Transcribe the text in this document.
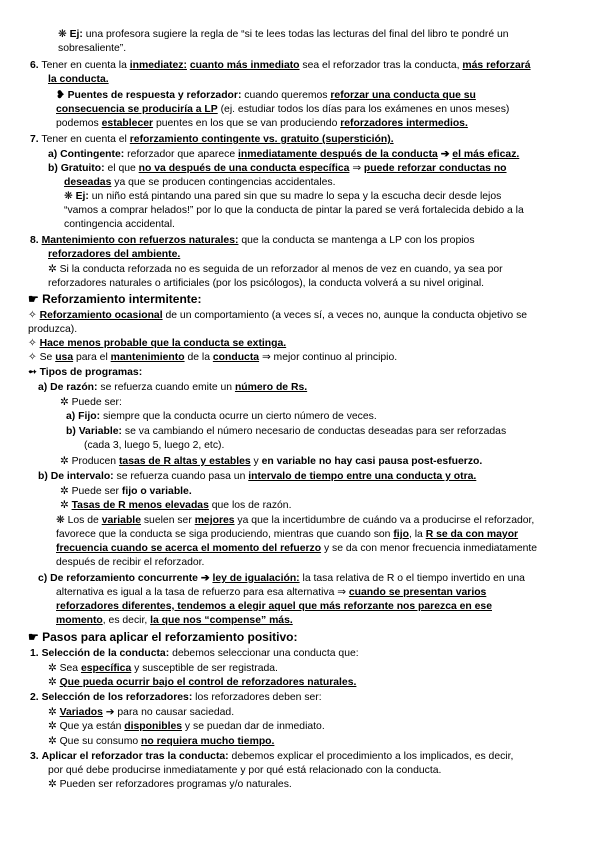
❋ Ej: una profesora sugiere la regla de “si te lees todas las lecturas del final del libro te pondré un
sobresaliente”.
6. Tener en cuenta la inmediatez: cuanto más inmediato sea el reforzador tras la conducta, más reforzará
la conducta.
❥ Puentes de respuesta y reforzador: cuando queremos reforzar una conducta que su
consecuencia se produciría a LP (ej. estudiar todos los días para los exámenes en unos meses)
podemos establecer puentes en los que se van produciendo reforzadores intermedios.
7. Tener en cuenta el reforzamiento contingente vs. gratuito (superstición).
a) Contingente: reforzador que aparece inmediatamente después de la conducta ➔ el más eficaz.
b) Gratuito: el que no va después de una conducta específica ⇒ puede reforzar conductas no
deseadas ya que se producen contingencias accidentales.
❋ Ej: un niño está pintando una pared sin que su madre lo sepa y la escucha decir desde lejos
“vamos a comprar helados!” por lo que la conducta de pintar la pared se verá fortalecida debido a la
contingencia accidental.
8. Mantenimiento con refuerzos naturales: que la conducta se mantenga a LP con los propios
reforzadores del ambiente.
✲ Si la conducta reforzada no es seguida de un reforzador al menos de vez en cuando, ya sea por
reforzadores naturales o artificiales (por los psicólogos), la conducta volverá a su nivel original.
☛ Reforzamiento intermitente:
✧ Reforzamiento ocasional de un comportamiento (a veces sí, a veces no, aunque la conducta objetivo se
produzca).
✧ Hace menos probable que la conducta se extinga.
✧ Se usa para el mantenimiento de la conducta ⇒ mejor continuo al principio.
➻ Tipos de programas:
a) De razón: se refuerza cuando emite un número de Rs.
✲ Puede ser:
a) Fijo: siempre que la conducta ocurre un cierto número de veces.
b) Variable: se va cambiando el número necesario de conductas deseadas para ser reforzadas
(cada 3, luego 5, luego 2, etc).
✲ Producen tasas de R altas y estables y en variable no hay casi pausa post-esfuerzo.
b) De intervalo: se refuerza cuando pasa un intervalo de tiempo entre una conducta y otra.
✲ Puede ser fijo o variable.
✲ Tasas de R menos elevadas que los de razón.
❋ Los de variable suelen ser mejores ya que la incertidumbre de cuándo va a producirse el reforzador,
favorece que la conducta se siga produciendo, mientras que cuando son fijo, la R se da con mayor
frecuencia cuando se acerca el momento del refuerzo y se da con menor frecuencia inmediatamente
después de recibir el reforzador.
c) De reforzamiento concurrente ➔ ley de igualación: la tasa relativa de R o el tiempo invertido en una
alternativa es igual a la tasa de refuerzo para esa alternativa ⇒ cuando se presentan varios
reforzadores diferentes, tendemos a elegir aquel que más reforzante nos parezca en ese
momento, es decir, la que nos “compense” más.
☛ Pasos para aplicar el reforzamiento positivo:
1. Selección de la conducta: debemos seleccionar una conducta que:
✲ Sea específica y susceptible de ser registrada.
✲ Que pueda ocurrir bajo el control de reforzadores naturales.
2. Selección de los reforzadores: los reforzadores deben ser:
✲ Variados ➔ para no causar saciedad.
✲ Que ya están disponibles y se puedan dar de inmediato.
✲ Que su consumo no requiera mucho tiempo.
3. Aplicar el reforzador tras la conducta: debemos explicar el procedimiento a los implicados, es decir,
por qué debe producirse inmediatamente y por qué está relacionado con la conducta.
✲ Pueden ser reforzadores programas y/o naturales.
